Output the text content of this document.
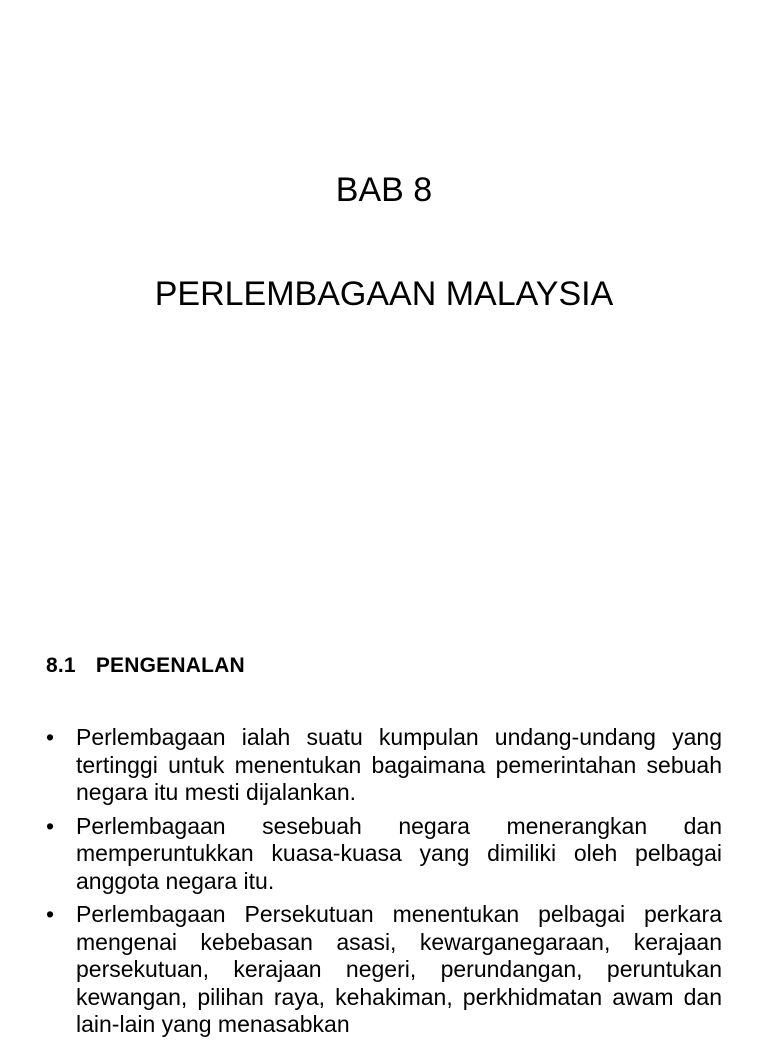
BAB 8
PERLEMBAGAAN MALAYSIA
8.1 PENGENALAN
• Perlembagaan ialah suatu kumpulan undang-undang yang tertinggi untuk menentukan bagaimana pemerintahan sebuah negara itu mesti dijalankan.
• Perlembagaan sesebuah negara menerangkan dan memperuntukkan kuasa-kuasa yang dimiliki oleh pelbagai anggota negara itu.
• Perlembagaan Persekutuan menentukan pelbagai perkara mengenai kebebasan asasi, kewarganegaraan, kerajaan persekutuan, kerajaan negeri, perundangan, peruntukan kewangan, pilihan raya, kehakiman, perkhidmatan awam dan lain-lain yang menasabkan
